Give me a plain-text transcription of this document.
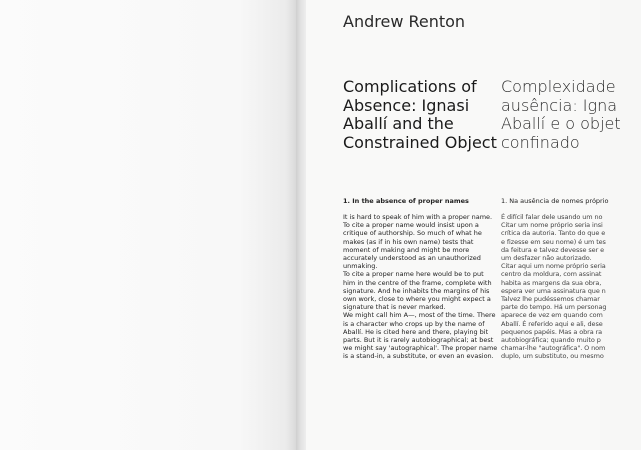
Andrew Renton
Complications of
Absence: Ignasi
Aballí and the
Constrained Object
Complexidade
ausência: Igna
Aballí e o objet
confinado
1. In the absence of proper names	1. Na ausência de nomes próprio
It is hard to speak of him with a proper name.
To cite a proper name would insist upon a
critique of authorship. So much of what he
makes (as if in his own name) tests that
moment of making and might be more
accurately understood as an unauthorized
unmaking.
To cite a proper name here would be to put
him in the centre of the frame, complete with
signature. And he inhabits the margins of his
own work, close to where you might expect a
signature that is never marked.
We might call him A—, most of the time. There
is a character who crops up by the name of
Aballí. He is cited here and there, playing bit
parts. But it is rarely autobiographical; at best
we might say 'autographical'. The proper name
is a stand-in, a substitute, or even an evasion.
É difícil falar dele usando um no
Citar um nome próprio seria insi
crítica da autoria. Tanto do que e
e fizesse em seu nome) é um tes
da feitura e talvez devesse ser e
um desfazer não autorizado.
Citar aqui um nome próprio seria
centro da moldura, com assinat
habita as margens da sua obra,
espera ver uma assinatura que n
Talvez lhe pudéssemos chamar
parte do tempo. Há um personag
aparece de vez em quando com
Aballí. É referido aqui e ali, dese
pequenos papéis. Mas a obra ra
autobiográfica; quando muito p
chamar-lhe "autográfica". O nom
duplo, um substituto, ou mesmo
